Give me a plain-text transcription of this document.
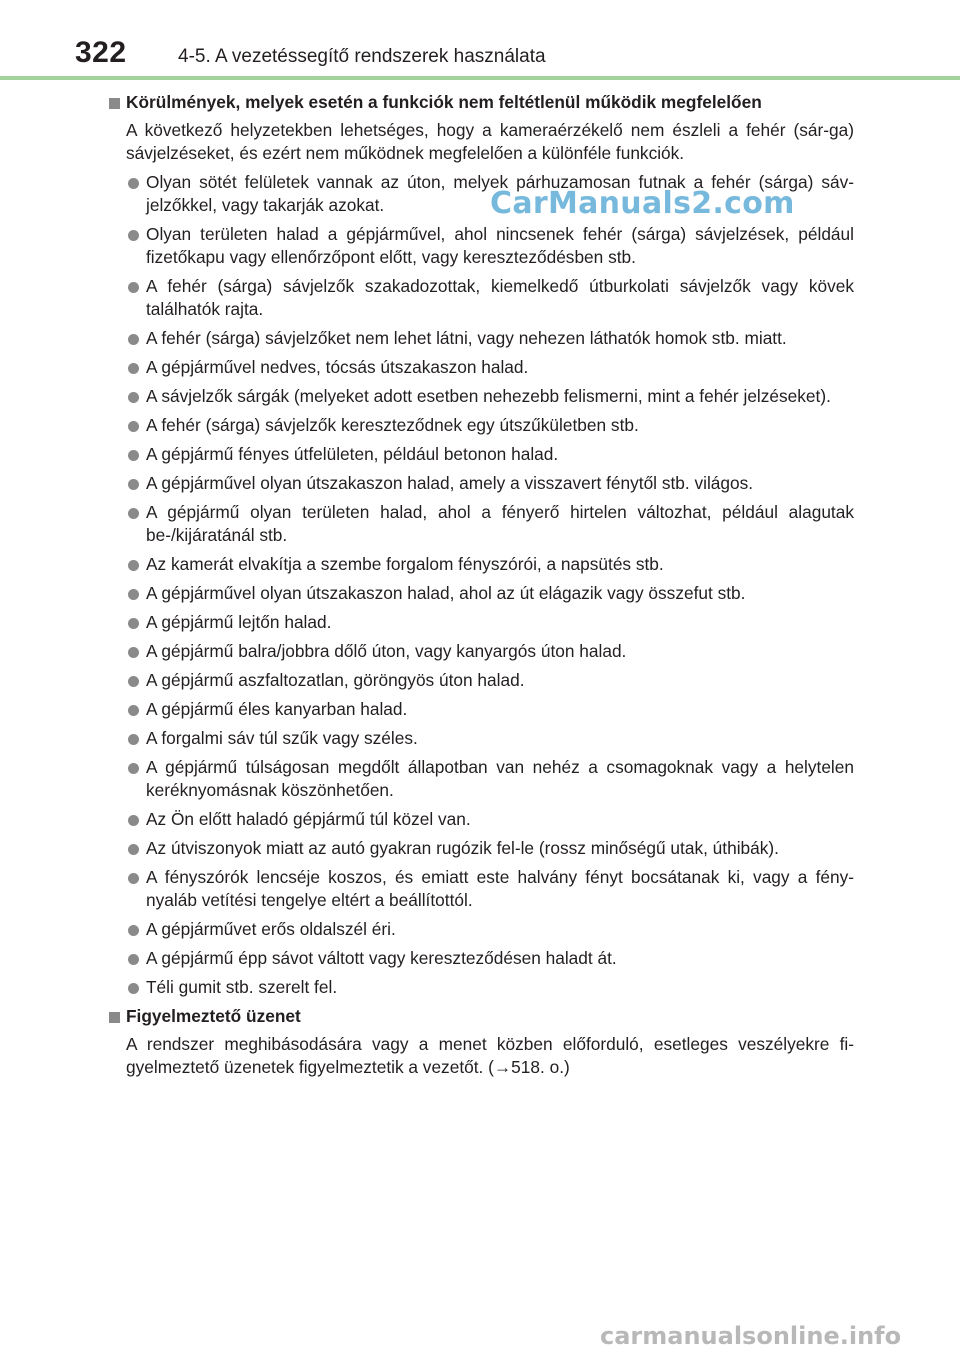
322	4-5. A vezetéssegítő rendszerek használata
Körülmények, melyek esetén a funkciók nem feltétlenül működik megfelelően
A következő helyzetekben lehetséges, hogy a kameraérzékelő nem észleli a fehér (sár-ga) sávjelzéseket, és ezért nem működnek megfelelően a különféle funkciók.
Olyan sötét felületek vannak az úton, melyek párhuzamosan futnak a fehér (sárga) sáv-jelzőkkel, vagy takarják azokat.
Olyan területen halad a gépjárművel, ahol nincsenek fehér (sárga) sávjelzések, például fizetőkapu vagy ellenőrzőpont előtt, vagy kereszteződésben stb.
A fehér (sárga) sávjelzők szakadozottak, kiemelkedő útburkolati sávjelzők vagy kövek találhatók rajta.
A fehér (sárga) sávjelzőket nem lehet látni, vagy nehezen láthatók homok stb. miatt.
A gépjárművel nedves, tócsás útszakaszon halad.
A sávjelzők sárgák (melyeket adott esetben nehezebb felismerni, mint a fehér jelzéseket).
A fehér (sárga) sávjelzők kereszteződnek egy útszűkületben stb.
A gépjármű fényes útfelületen, például betonon halad.
A gépjárművel olyan útszakaszon halad, amely a visszavert fénytől stb. világos.
A gépjármű olyan területen halad, ahol a fényerő hirtelen változhat, például alagutak be-/kijáratánál stb.
Az kamerát elvakítja a szembe forgalom fényszórói, a napsütés stb.
A gépjárművel olyan útszakaszon halad, ahol az út elágazik vagy összefut stb.
A gépjármű lejtőn halad.
A gépjármű balra/jobbra dőlő úton, vagy kanyargós úton halad.
A gépjármű aszfaltozatlan, göröngyös úton halad.
A gépjármű éles kanyarban halad.
A forgalmi sáv túl szűk vagy széles.
A gépjármű túlságosan megdőlt állapotban van nehéz a csomagoknak vagy a helytelen keréknyomásnak köszönhetően.
Az Ön előtt haladó gépjármű túl közel van.
Az útviszonyok miatt az autó gyakran rugózik fel-le (rossz minőségű utak, úthibák).
A fényszórók lencséje koszos, és emiatt este halvány fényt bocsátanak ki, vagy a fény-nyaláb vetítési tengelye eltért a beállítottól.
A gépjárművet erős oldalszél éri.
A gépjármű épp sávot váltott vagy kereszteződésen haladt át.
Téli gumit stb. szerelt fel.
Figyelmeztető üzenet
A rendszer meghibásodására vagy a menet közben előforduló, esetleges veszélyekre fi-gyelmeztető üzenetek figyelmeztetik a vezetőt. (→518. o.)
CarManuals2.com
carmanualsonline.info
